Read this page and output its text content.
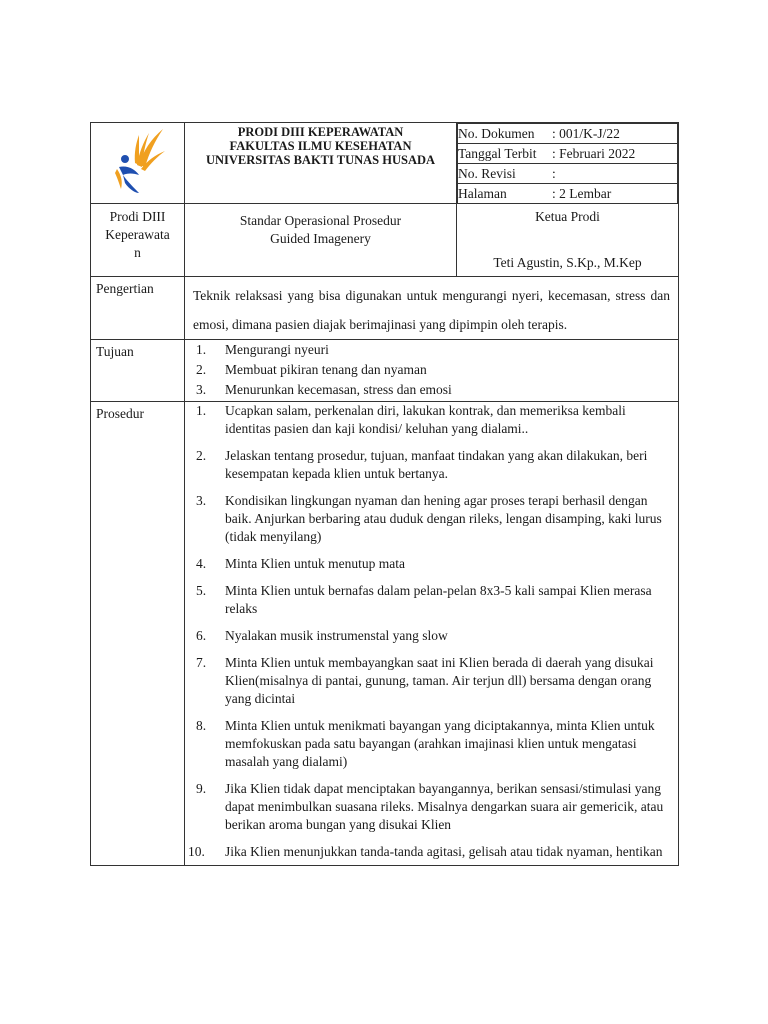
PRODI DIII KEPERAWATAN
FAKULTAS ILMU KESEHATAN
UNIVERSITAS BAKTI TUNAS HUSADA

No. Dokumen : 001/K-J/22
Tanggal Terbit : Februari 2022
No. Revisi	:
Halaman	: 2 Lembar

Prodi DIII
Keperawata
n

Standar Operasional Prosedur
Guided Imagenery

Ketua Prodi
Teti Agustin, S.Kp., M.Kep

Pengertian	Teknik relaksasi yang bisa digunakan untuk mengurangi nyeri, kecemasan, stress dan emosi, dimana pasien diajak berimajinasi yang dipimpin oleh terapis.
Tujuan	1. Mengurangi nyeuri
2. Membuat pikiran tenang dan nyaman
3. Menurunkan kecemasan, stress dan emosi

Prosedur	1. Ucapkan salam, perkenalan diri, lakukan kontrak, dan memeriksa kembali identitas pasien dan kaji kondisi/ keluhan yang dialami..
2. Jelaskan tentang prosedur, tujuan, manfaat tindakan yang akan dilakukan, beri kesempatan kepada klien untuk bertanya.
3. Kondisikan lingkungan nyaman dan hening agar proses terapi berhasil dengan baik. Anjurkan berbaring atau duduk dengan rileks, lengan disamping, kaki lurus (tidak menyilang)
4. Minta Klien untuk menutup mata
5. Minta Klien untuk bernafas dalam pelan-pelan 8x3-5 kali sampai Klien merasa relaks
6. Nyalakan musik instrumenstal yang slow
7. Minta Klien untuk membayangkan saat ini Klien berada di daerah yang disukai Klien(misalnya di pantai, gunung, taman. Air terjun dll) bersama dengan orang yang dicintai
8. Minta Klien untuk menikmati bayangan yang diciptakannya, minta Klien untuk memfokuskan pada satu bayangan (arahkan imajinasi klien untuk mengatasi masalah yang dialami)
9. Jika Klien tidak dapat menciptakan bayangannya, berikan sensasi/stimulasi yang dapat menimbulkan suasana rileks. Misalnya dengarkan suara air gemericik, atau berikan aroma bungan yang disukai Klien
10. Jika Klien menunjukkan tanda-tanda agitasi, gelisah atau tidak nyaman, hentikan
